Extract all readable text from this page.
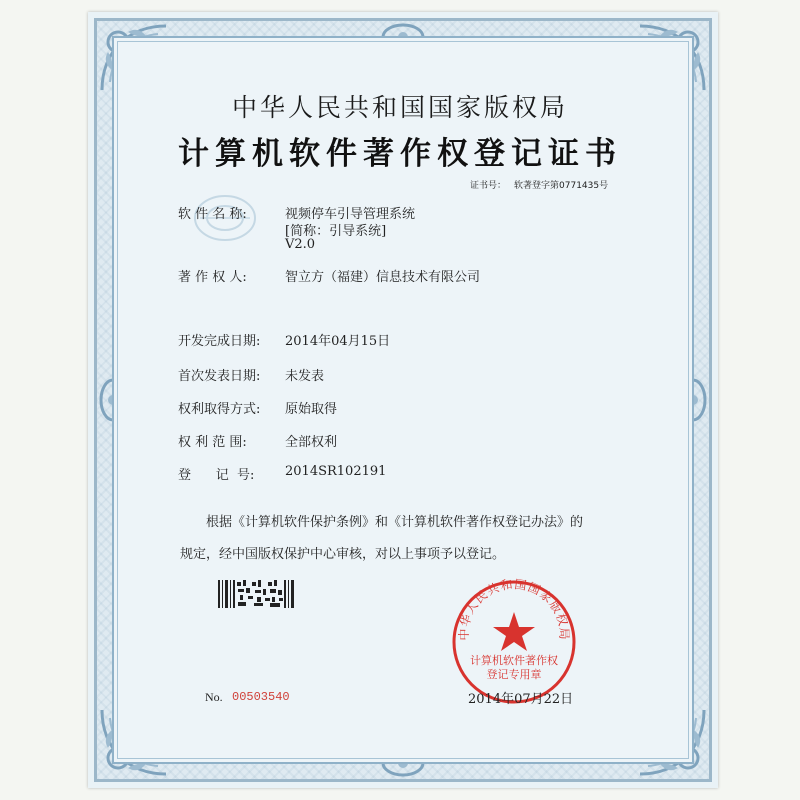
中华人民共和国国家版权局
计算机软件著作权登记证书
证书号： 软著登字第0771435号
软 件 名 称:	视频停车引导管理系统
[简称：引导系统]
V2.0
著 作 权 人:	智立方（福建）信息技术有限公司
开发完成日期:	2014年04月15日
首次发表日期:	未发表
权利取得方式:	原始取得
权 利 范 围:	全部权利
登      记  号:	2014SR102191
根据《计算机软件保护条例》和《计算机软件著作权登记办法》的
规定，经中国版权保护中心审核，对以上事项予以登记。
中华人民共和国国家版权局
计算机软件著作权
登记专用章
No. 00503540	2014年07月22日
